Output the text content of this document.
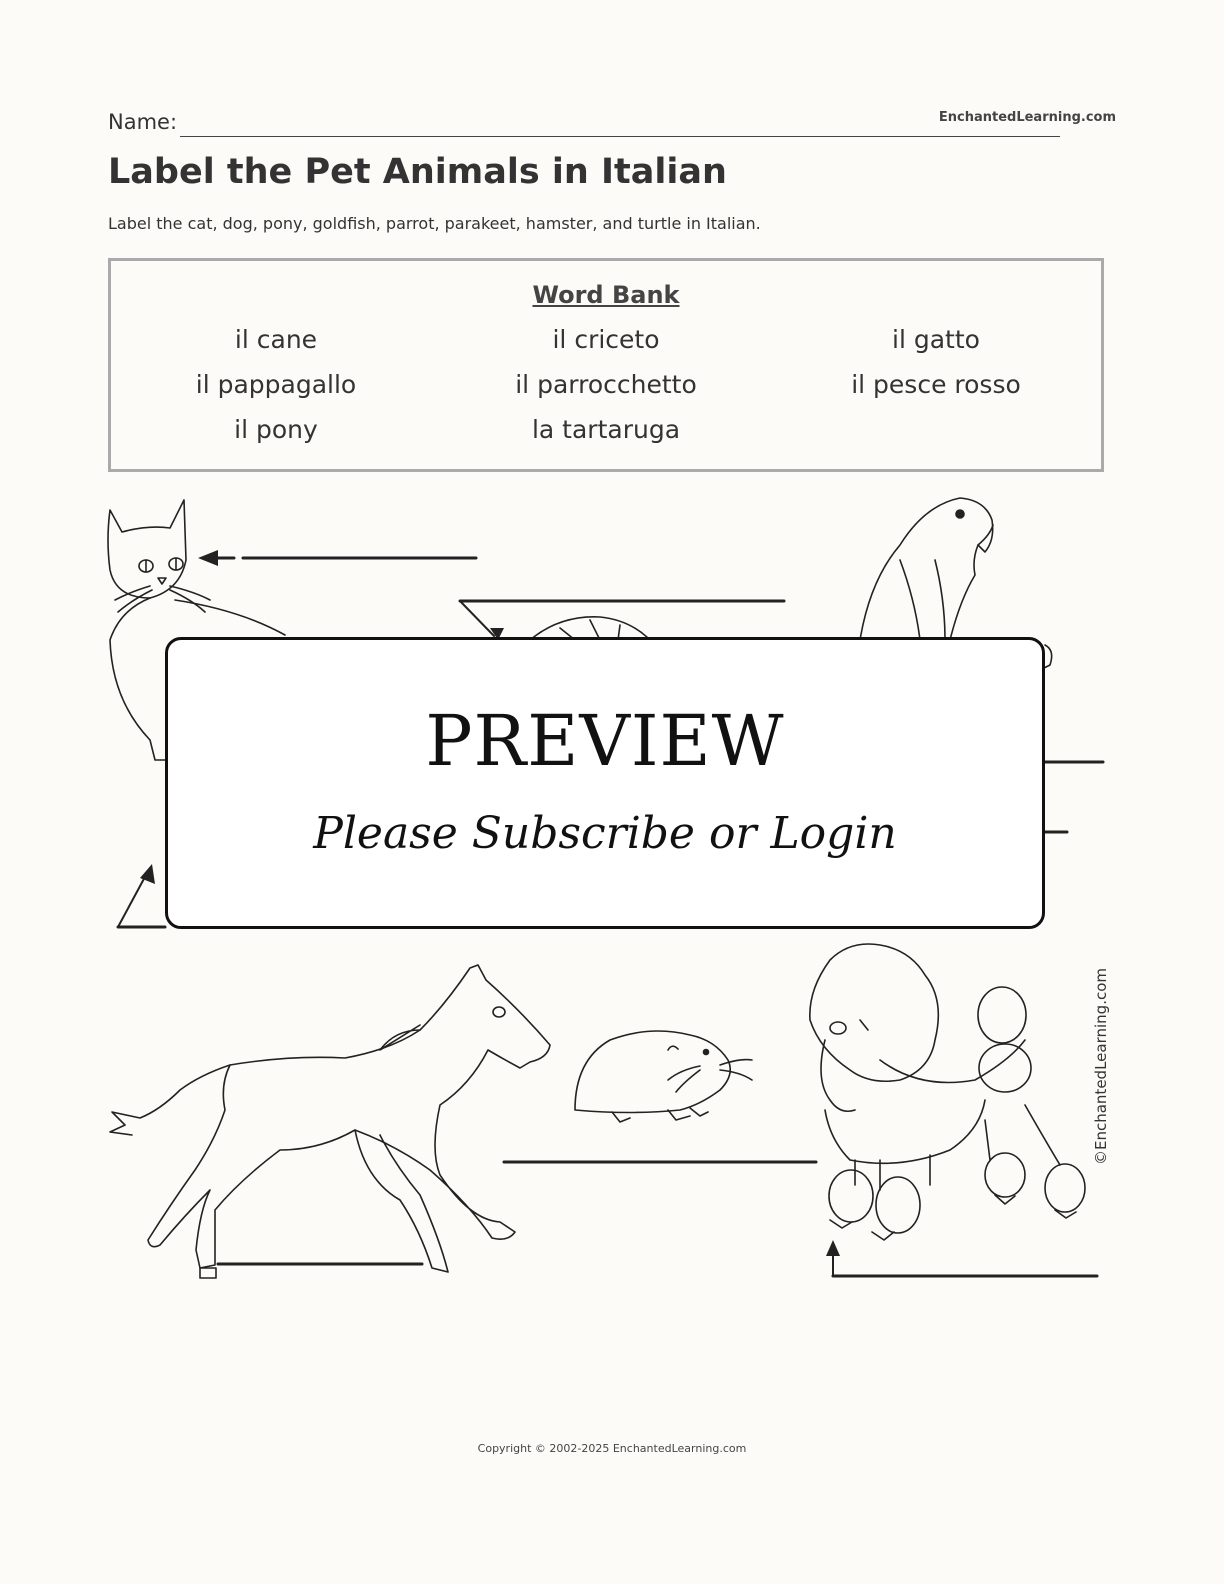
Name:	EnchantedLearning.com
Label the Pet Animals in Italian
Label the cat, dog, pony, goldfish, parrot, parakeet, hamster, and turtle in Italian.
Word Bank
il cane	il criceto	il gatto
il pappagallo	il parrocchetto	il pesce rosso
il pony	la tartaruga
©EnchantedLearning.com
PREVIEW
Please Subscribe or Login
Copyright © 2002-2025 EnchantedLearning.com
